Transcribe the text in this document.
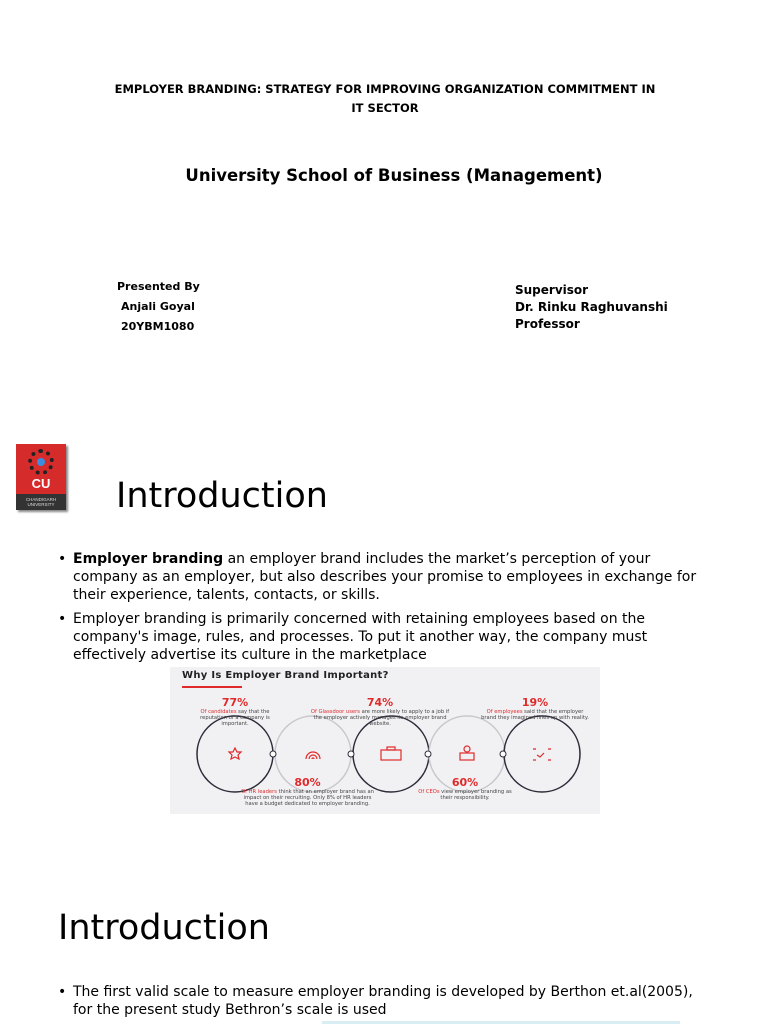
EMPLOYER BRANDING: STRATEGY FOR IMPROVING ORGANIZATION COMMITMENT IN IT SECTOR
University School of Business (Management)
Presented By
Anjali Goyal
20YBM1080
Supervisor
Dr. Rinku Raghuvanshi
Professor
CU
CHANDIGARH UNIVERSITY	Introduction
• Employer branding an employer brand includes the market’s perception of your company as an employer, but also describes your promise to employees in exchange for their experience, talents, contacts, or skills.
• Employer branding is primarily concerned with retaining employees based on the company's image, rules, and processes. To put it another way, the company must effectively advertise its culture in the marketplace
Why Is Employer Brand Important?
77%
Of candidates say that the reputation of a company is important.
74%
Of Glassdoor users are more likely to apply to a job if the employer actively manages its employer brand website.
19%
Of employees said that the employer brand they imagined lines up with reality.
80%
Of HR leaders think that an employer brand has an impact on their recruiting. Only 8% of HR leaders have a budget dedicated to employer branding.
60%
Of CEOs view employer branding as their responsibility.
Introduction
• The first valid scale to measure employer branding is developed by Berthon et.al(2005), for the present study Bethron’s scale is used
